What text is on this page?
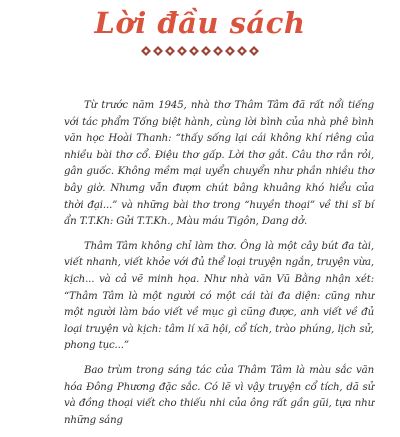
Lời đầu sách

Từ trước năm 1945, nhà thơ Thâm Tâm đã rất nổi tiếng với tác phẩm Tống biệt hành, cùng lời bình của nhà phê bình văn học Hoài Thanh: “thấy sống lại cái không khí riêng của nhiều bài thơ cổ. Điệu thơ gấp. Lời thơ gắt. Câu thơ rắn rỏi, gân guốc. Không mềm mại uyển chuyển như phần nhiều thơ bây giờ. Nhưng vẫn đượm chút bâng khuâng khó hiểu của thời đại...” và những bài thơ trong “huyền thoại” về thi sĩ bí ẩn T.T.Kh: Gửi T.T.Kh., Màu máu Tigôn, Dang dở.

Thâm Tâm không chỉ làm thơ. Ông là một cây bút đa tài, viết nhanh, viết khỏe với đủ thể loại truyện ngắn, truyện vừa, kịch... và cả vẽ minh họa. Như nhà văn Vũ Bằng nhận xét: “Thâm Tâm là một người có một cái tài đa diện: cũng như một người làm báo viết về mục gì cũng được, anh viết về đủ loại truyện và kịch: tâm lí xã hội, cổ tích, trào phúng, lịch sử, phong tục...”

Bao trùm trong sáng tác của Thâm Tâm là màu sắc văn hóa Đông Phương đặc sắc. Có lẽ vì vậy truyện cổ tích, dã sử và đồng thoại viết cho thiếu nhi của ông rất gần gũi, tựa như những sáng
